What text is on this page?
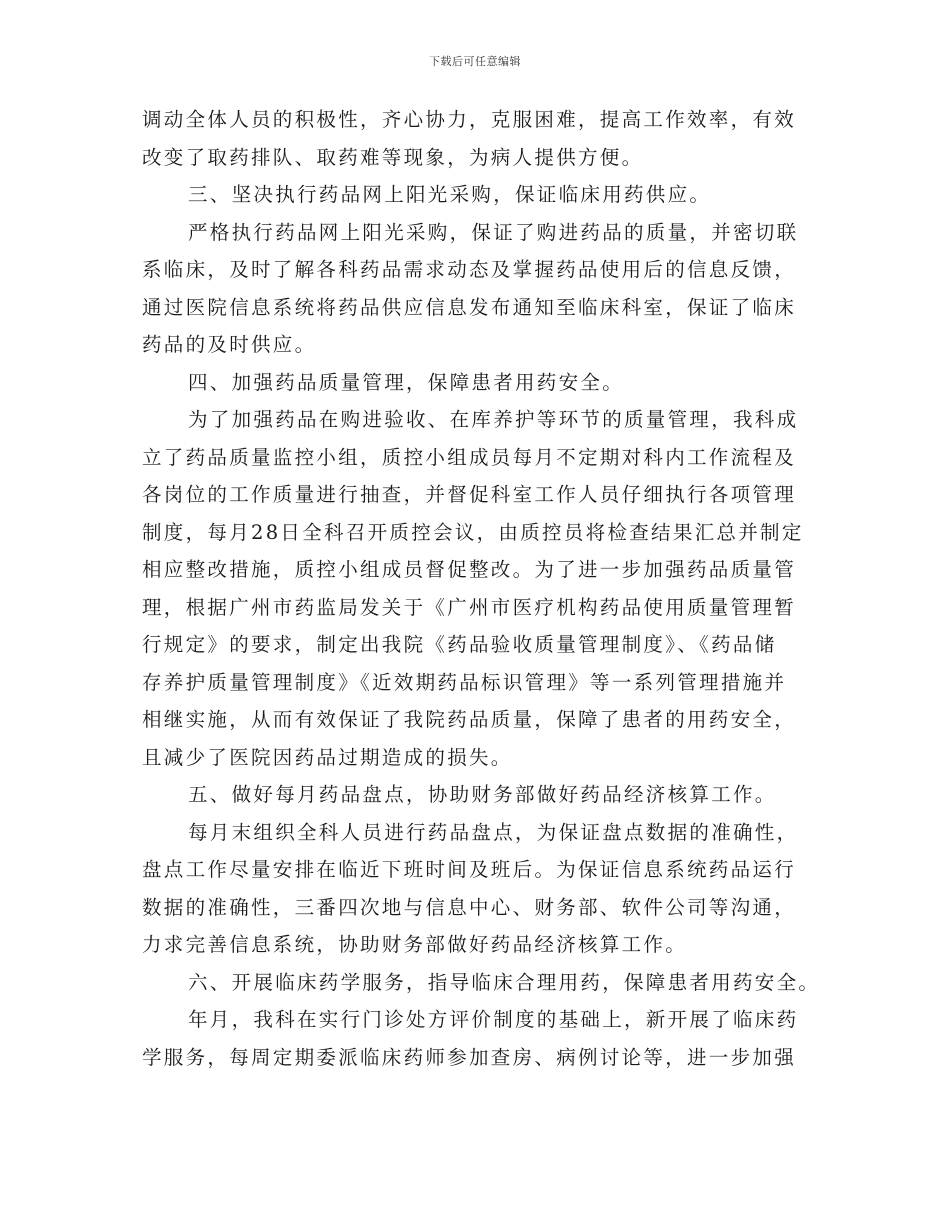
下载后可任意编辑
调动全体人员的积极性，齐心协力，克服困难，提高工作效率，有效
改变了取药排队、取药难等现象，为病人提供方便。
三、坚决执行药品网上阳光采购，保证临床用药供应。
严格执行药品网上阳光采购，保证了购进药品的质量，并密切联
系临床，及时了解各科药品需求动态及掌握药品使用后的信息反馈，
通过医院信息系统将药品供应信息发布通知至临床科室，保证了临床
药品的及时供应。
四、加强药品质量管理，保障患者用药安全。
为了加强药品在购进验收、在库养护等环节的质量管理，我科成
立了药品质量监控小组，质控小组成员每月不定期对科内工作流程及
各岗位的工作质量进行抽查，并督促科室工作人员仔细执行各项管理
制度，每月28日全科召开质控会议，由质控员将检查结果汇总并制定
相应整改措施，质控小组成员督促整改。为了进一步加强药品质量管
理，根据广州市药监局发关于《广州市医疗机构药品使用质量管理暂
行规定》的要求，制定出我院《药品验收质量管理制度》、《药品储
存养护质量管理制度》《近效期药品标识管理》等一系列管理措施并
相继实施，从而有效保证了我院药品质量，保障了患者的用药安全，
且减少了医院因药品过期造成的损失。
五、做好每月药品盘点，协助财务部做好药品经济核算工作。
每月末组织全科人员进行药品盘点，为保证盘点数据的准确性，
盘点工作尽量安排在临近下班时间及班后。为保证信息系统药品运行
数据的准确性，三番四次地与信息中心、财务部、软件公司等沟通，
力求完善信息系统，协助财务部做好药品经济核算工作。
六、开展临床药学服务，指导临床合理用药，保障患者用药安全。
年月，我科在实行门诊处方评价制度的基础上，新开展了临床药
学服务，每周定期委派临床药师参加查房、病例讨论等，进一步加强
